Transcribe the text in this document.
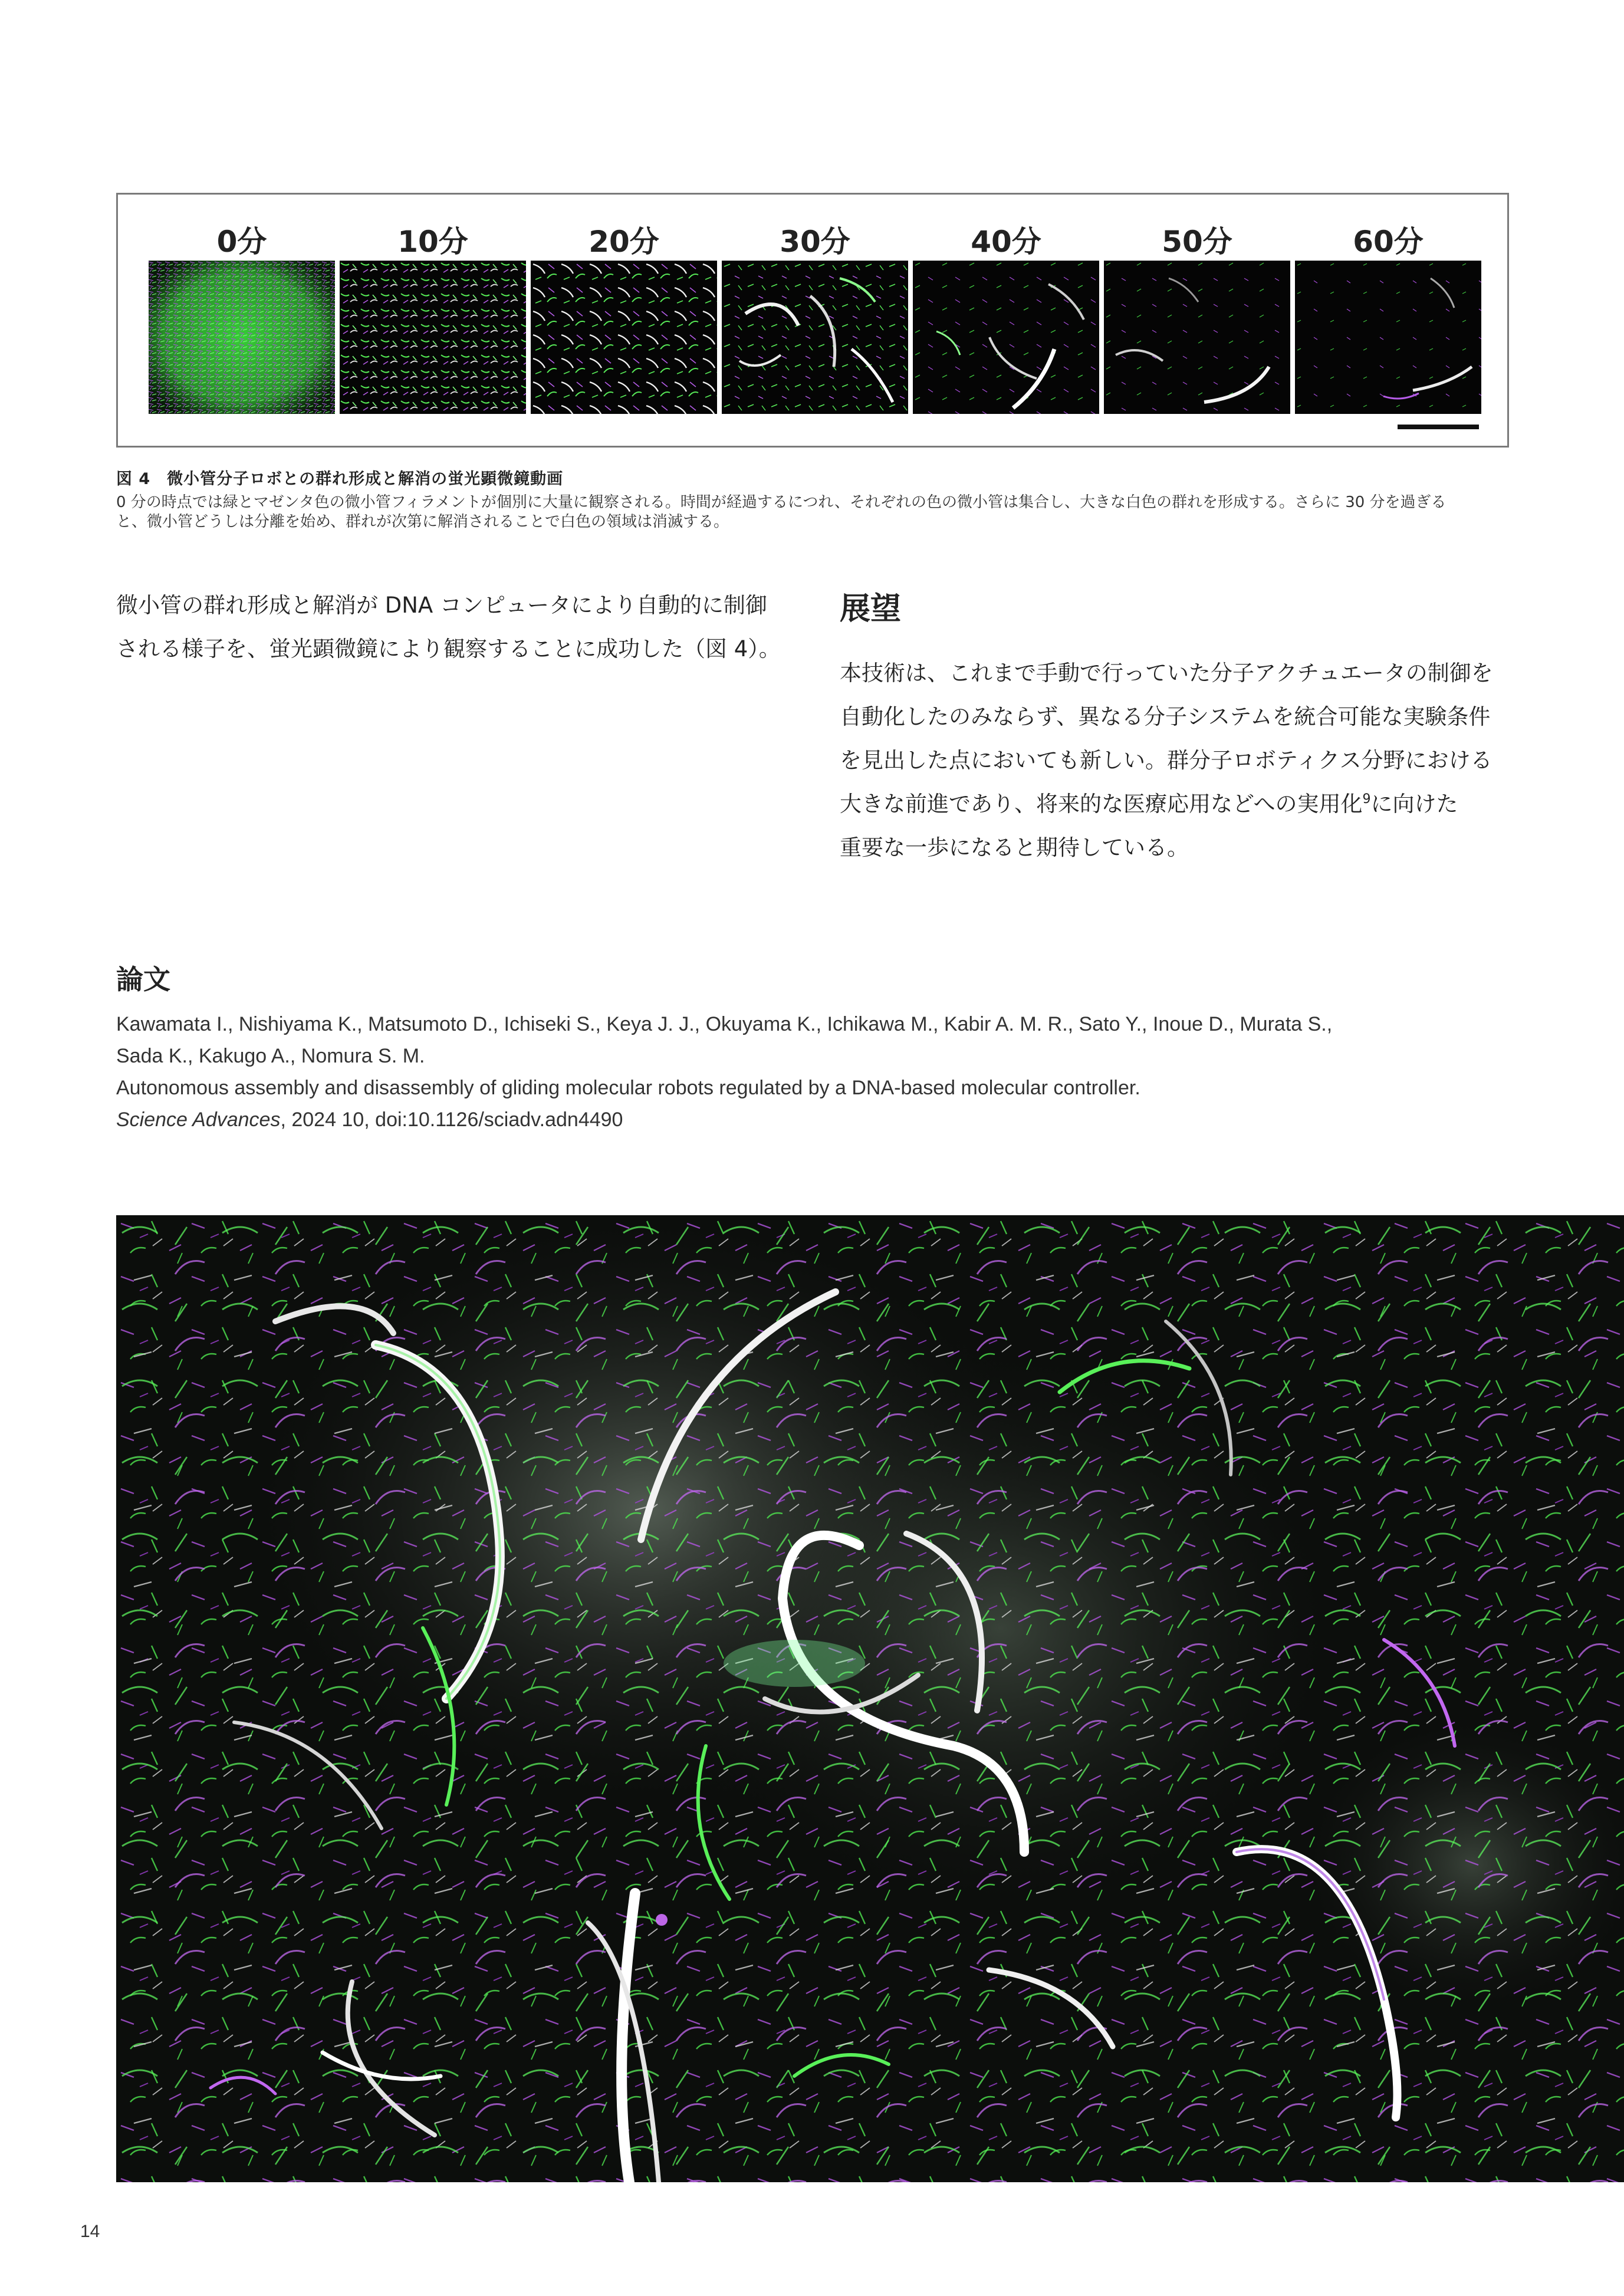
0分	10分	20分	30分	40分	50分	60分
図 4　微小管分子ロボとの群れ形成と解消の蛍光顕微鏡動画
0 分の時点では緑とマゼンタ色の微小管フィラメントが個別に大量に観察される。時間が経過するにつれ、それぞれの色の微小管は集合し、大きな白色の群れを形成する。さらに 30 分を過ぎる
と、微小管どうしは分離を始め、群れが次第に解消されることで白色の領域は消滅する。
微小管の群れ形成と解消が DNA コンピュータにより自動的に制御
される様子を、蛍光顕微鏡により観察することに成功した（図 4）。
展望
本技術は、これまで手動で行っていた分子アクチュエータの制御を
自動化したのみならず、異なる分子システムを統合可能な実験条件
を見出した点においても新しい。群分子ロボティクス分野における
大きな前進であり、将来的な医療応用などへの実用化$^9$に向けた
重要な一歩になると期待している。
論文
Kawamata I., Nishiyama K., Matsumoto D., Ichiseki S., Keya J. J., Okuyama K., Ichikawa M., Kabir A. M. R., Sato Y., Inoue D., Murata S.,
Sada K., Kakugo A., Nomura S. M.
Autonomous assembly and disassembly of gliding molecular robots regulated by a DNA-based molecular controller.
Science Advances, 2024 10, doi:10.1126/sciadv.adn4490
14
